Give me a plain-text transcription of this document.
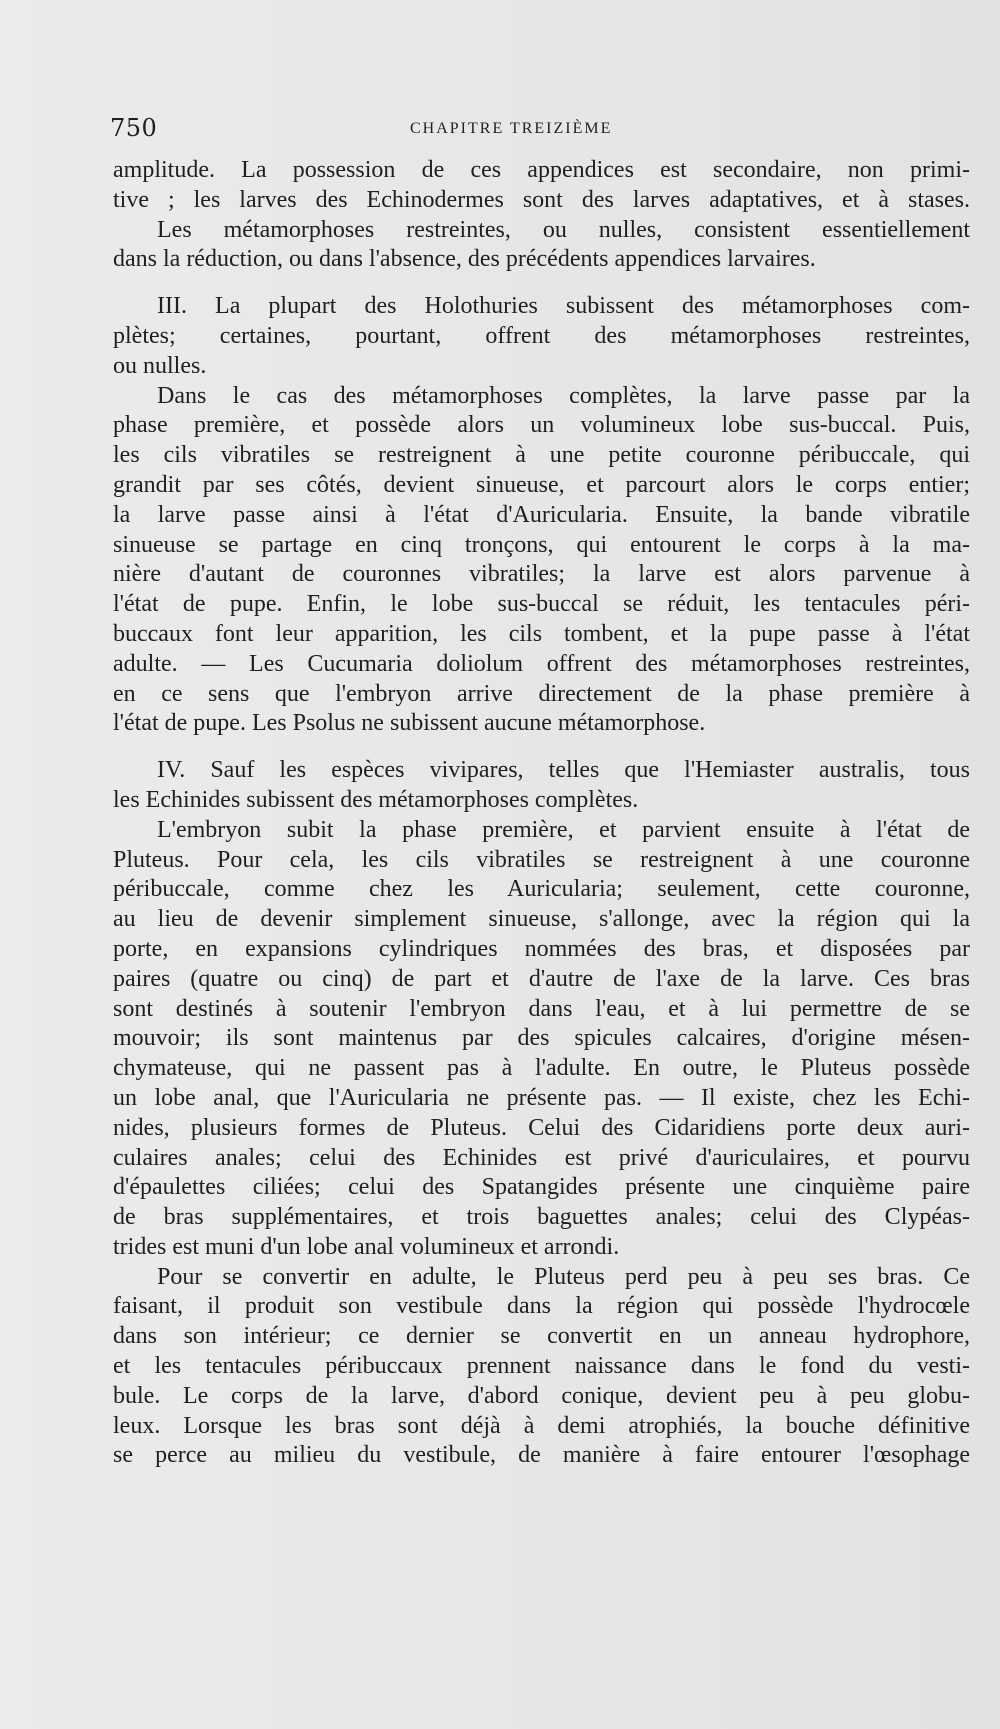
750	CHAPITRE TREIZIÈME
amplitude. La possession de ces appendices est secondaire, non primi-
tive ; les larves des Echinodermes sont des larves adaptatives, et à stases.
Les métamorphoses restreintes, ou nulles, consistent essentiellement
dans la réduction, ou dans l'absence, des précédents appendices larvaires.
III. La plupart des Holothuries subissent des métamorphoses com-
plètes; certaines, pourtant, offrent des métamorphoses restreintes,
ou nulles.
Dans le cas des métamorphoses complètes, la larve passe par la
phase première, et possède alors un volumineux lobe sus-buccal. Puis,
les cils vibratiles se restreignent à une petite couronne péribuccale, qui
grandit par ses côtés, devient sinueuse, et parcourt alors le corps entier;
la larve passe ainsi à l'état d'Auricularia. Ensuite, la bande vibratile
sinueuse se partage en cinq tronçons, qui entourent le corps à la ma-
nière d'autant de couronnes vibratiles; la larve est alors parvenue à
l'état de pupe. Enfin, le lobe sus-buccal se réduit, les tentacules péri-
buccaux font leur apparition, les cils tombent, et la pupe passe à l'état
adulte. — Les Cucumaria doliolum offrent des métamorphoses restreintes,
en ce sens que l'embryon arrive directement de la phase première à
l'état de pupe. Les Psolus ne subissent aucune métamorphose.
IV. Sauf les espèces vivipares, telles que l'Hemiaster australis, tous
les Echinides subissent des métamorphoses complètes.
L'embryon subit la phase première, et parvient ensuite à l'état de
Pluteus. Pour cela, les cils vibratiles se restreignent à une couronne
péribuccale, comme chez les Auricularia; seulement, cette couronne,
au lieu de devenir simplement sinueuse, s'allonge, avec la région qui la
porte, en expansions cylindriques nommées des bras, et disposées par
paires (quatre ou cinq) de part et d'autre de l'axe de la larve. Ces bras
sont destinés à soutenir l'embryon dans l'eau, et à lui permettre de se
mouvoir; ils sont maintenus par des spicules calcaires, d'origine mésen-
chymateuse, qui ne passent pas à l'adulte. En outre, le Pluteus possède
un lobe anal, que l'Auricularia ne présente pas. — Il existe, chez les Echi-
nides, plusieurs formes de Pluteus. Celui des Cidaridiens porte deux auri-
culaires anales; celui des Echinides est privé d'auriculaires, et pourvu
d'épaulettes ciliées; celui des Spatangides présente une cinquième paire
de bras supplémentaires, et trois baguettes anales; celui des Clypéas-
trides est muni d'un lobe anal volumineux et arrondi.
Pour se convertir en adulte, le Pluteus perd peu à peu ses bras. Ce
faisant, il produit son vestibule dans la région qui possède l'hydrocœle
dans son intérieur; ce dernier se convertit en un anneau hydrophore,
et les tentacules péribuccaux prennent naissance dans le fond du vesti-
bule. Le corps de la larve, d'abord conique, devient peu à peu globu-
leux. Lorsque les bras sont déjà à demi atrophiés, la bouche définitive
se perce au milieu du vestibule, de manière à faire entourer l'œsophage
